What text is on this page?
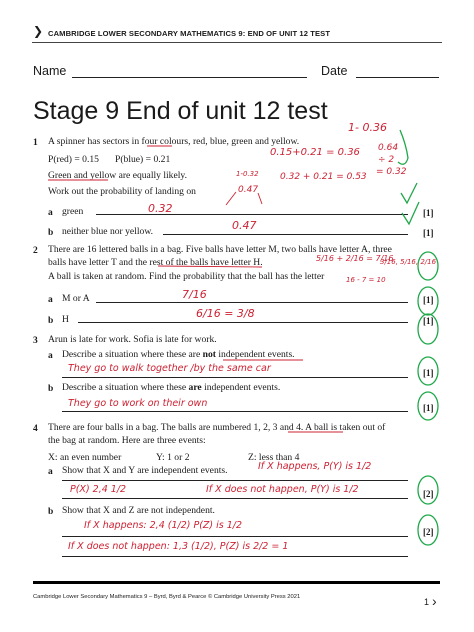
❯ CAMBRIDGE LOWER SECONDARY MATHEMATICS 9: END OF UNIT 12 TEST
Name	Date
Stage 9 End of unit 12 test
1 A spinner has sectors in four colours, red, blue, green and yellow.
P(red) = 0.15 P(blue) = 0.21
Green and yellow are equally likely.
Work out the probability of landing on
a green	[1]
b neither blue nor yellow.	[1]
2 There are 16 lettered balls in a bag. Five balls have letter M, two balls have letter A, three
balls have letter T and the rest of the balls have letter H.
A ball is taken at random. Find the probability that the ball has the letter
a M or A	[1]
b H	[1]
3 Arun is late for work. Sofia is late for work.
a Describe a situation where these are not independent events.
[1]
b Describe a situation where these are independent events.
[1]
4 There are four balls in a bag. The balls are numbered 1, 2, 3 and 4. A ball is taken out of
the bag at random. Here are three events:
X: an even number	Y: 1 or 2	Z: less than 4
a Show that X and Y are independent events.
[2]
b Show that X and Z are not independent.
[2]
1- 0.36
0.15+0.21 = 0.36 0.64
÷ 2
= 0.32
1-0.32
0.47
0.32 + 0.21 = 0.53
0.32
0.47
5/16 + 2/16 = 7/16
3/16, 5/16, 2/16
16 - 7 = 10
7/16
6/16 = 3/8
They go to walk together /by the same car
They go to work on their own
If X happens, P(Y) is 1/2
P(X) 2,4 1/2	If X does not happen, P(Y) is 1/2
If X happens: 2,4 (1/2) P(Z) is 1/2
If X does not happen: 1,3 (1/2), P(Z) is 2/2 = 1
Cambridge Lower Secondary Mathematics 9 – Byrd, Byrd & Pearce © Cambridge University Press 2021	1 ›
